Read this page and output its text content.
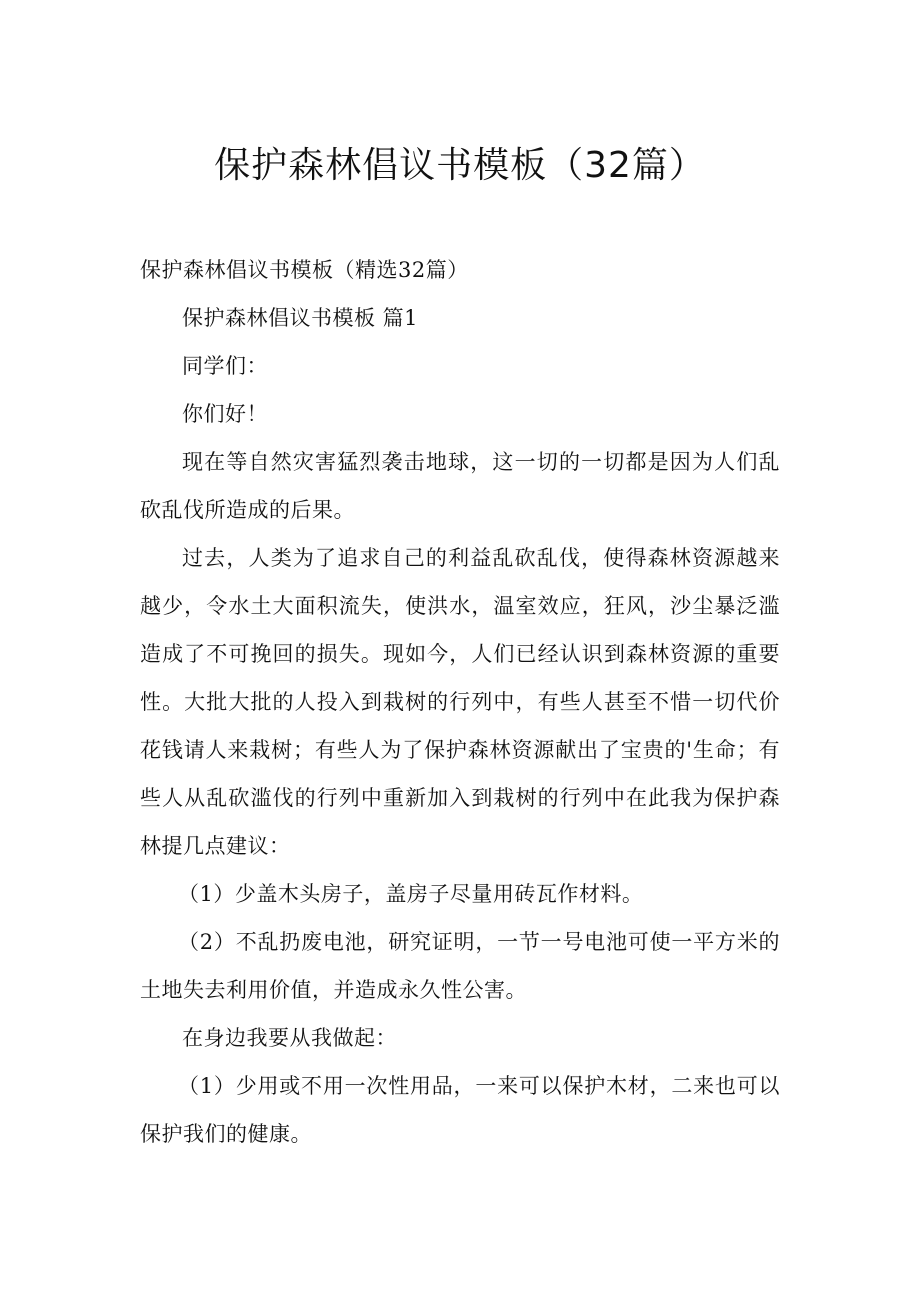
保护森林倡议书模板（32篇）

保护森林倡议书模板（精选32篇）

保护森林倡议书模板 篇1

同学们：

你们好！

现在等自然灾害猛烈袭击地球，这一切的一切都是因为人们乱砍乱伐所造成的后果。

过去，人类为了追求自己的利益乱砍乱伐，使得森林资源越来越少，令水土大面积流失，使洪水，温室效应，狂风，沙尘暴泛滥造成了不可挽回的损失。现如今，人们已经认识到森林资源的重要性。大批大批的人投入到栽树的行列中，有些人甚至不惜一切代价花钱请人来栽树；有些人为了保护森林资源献出了宝贵的'生命；有些人从乱砍滥伐的行列中重新加入到栽树的行列中在此我为保护森林提几点建议：

（1）少盖木头房子，盖房子尽量用砖瓦作材料。

（2）不乱扔废电池，研究证明，一节一号电池可使一平方米的土地失去利用价值，并造成永久性公害。

在身边我要从我做起：

（1）少用或不用一次性用品，一来可以保护木材，二来也可以保护我们的健康。
